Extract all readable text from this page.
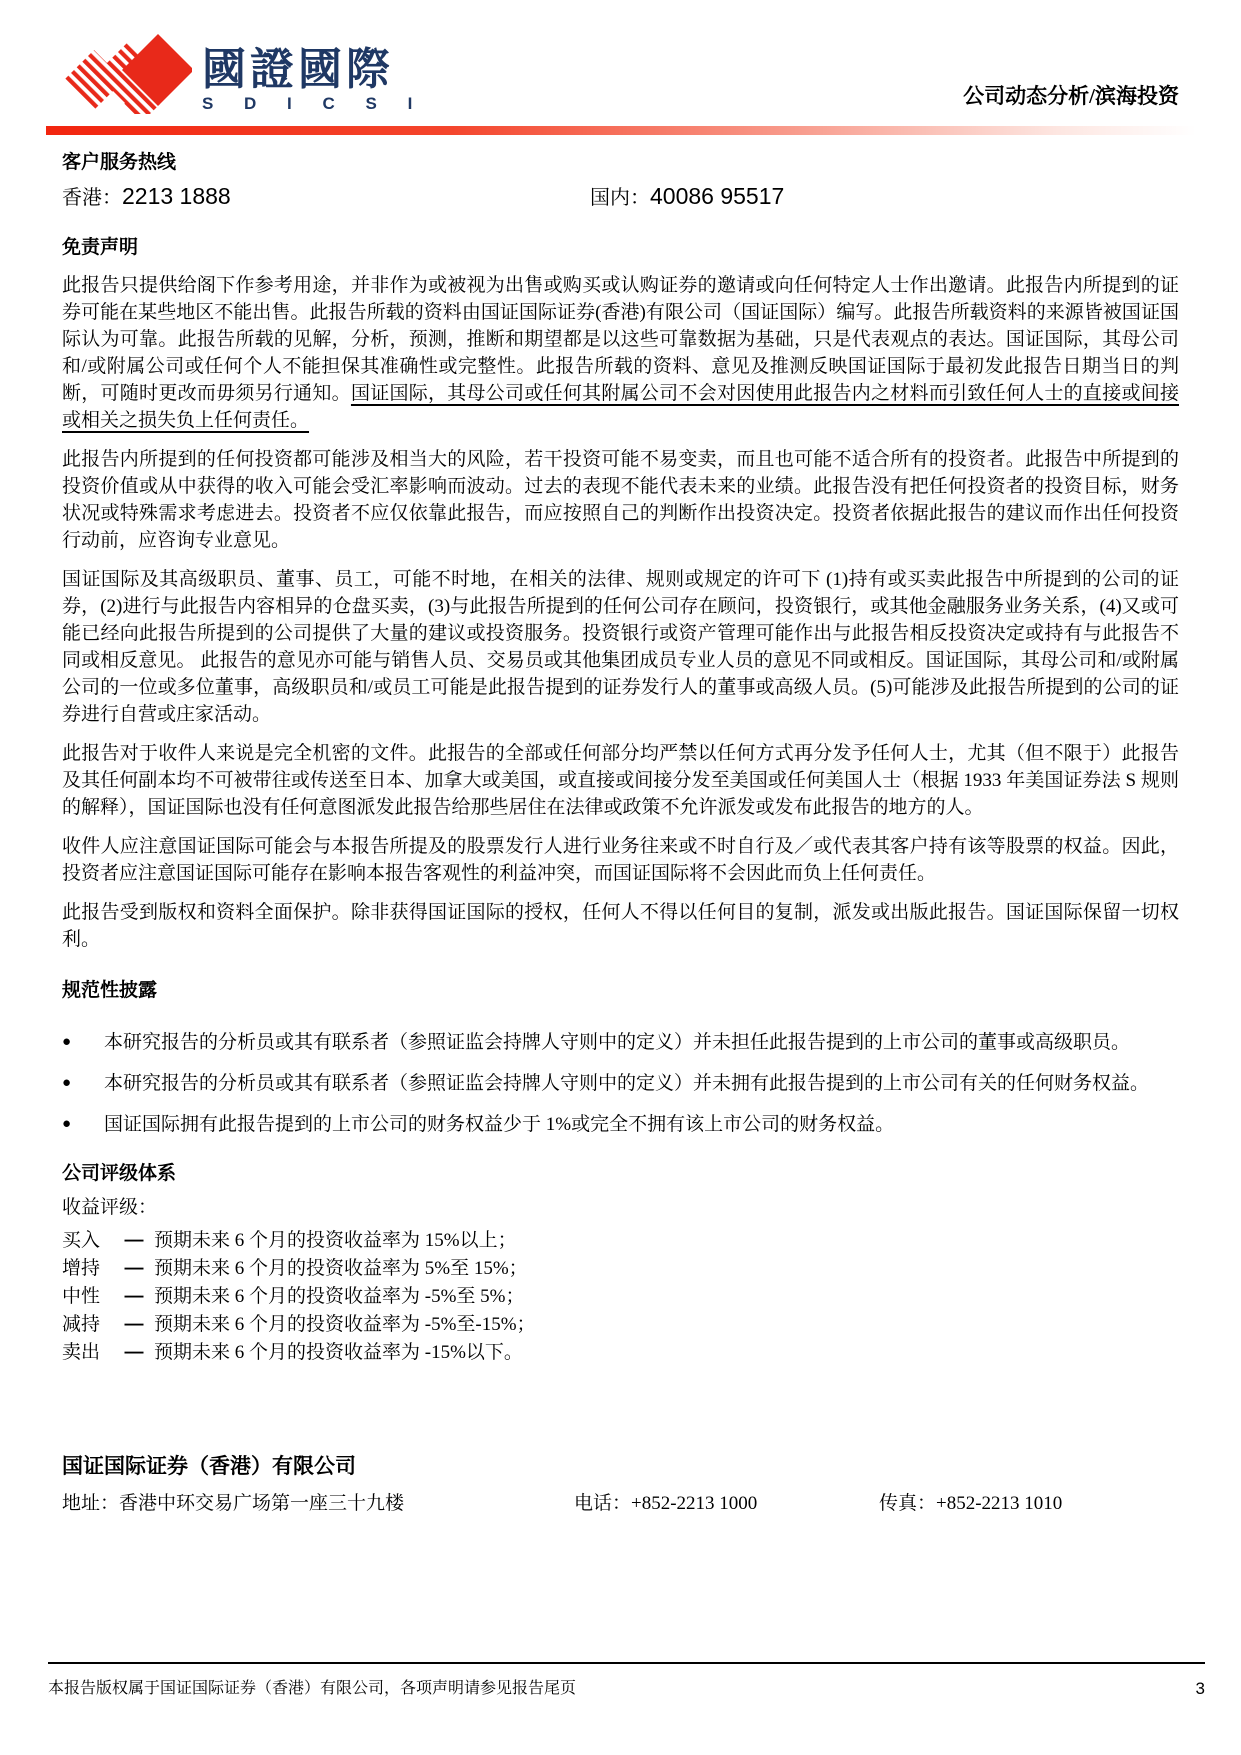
國證國際
S D I C S I	公司动态分析/滨海投资
客户服务热线
香港：2213 1888	国内：40086 95517
免责声明

此报告只提供给阁下作参考用途，并非作为或被视为出售或购买或认购证券的邀请或向任何特定人士作出邀请。此报告内所提到的证券可能在某些地区不能出售。此报告所载的资料由国证国际证券(香港)有限公司（国证国际）编写。此报告所载资料的来源皆被国证国际认为可靠。此报告所载的见解，分析，预测，推断和期望都是以这些可靠数据为基础，只是代表观点的表达。国证国际，其母公司和/或附属公司或任何个人不能担保其准确性或完整性。此报告所载的资料、意见及推测反映国证国际于最初发此报告日期当日的判断，可随时更改而毋须另行通知。国证国际，其母公司或任何其附属公司不会对因使用此报告内之材料而引致任何人士的直接或间接或相关之损失负上任何责任。

此报告内所提到的任何投资都可能涉及相当大的风险，若干投资可能不易变卖，而且也可能不适合所有的投资者。此报告中所提到的投资价值或从中获得的收入可能会受汇率影响而波动。过去的表现不能代表未来的业绩。此报告没有把任何投资者的投资目标，财务状况或特殊需求考虑进去。投资者不应仅依靠此报告，而应按照自己的判断作出投资决定。投资者依据此报告的建议而作出任何投资行动前，应咨询专业意见。

国证国际及其高级职员、董事、员工，可能不时地，在相关的法律、规则或规定的许可下 (1)持有或买卖此报告中所提到的公司的证券，(2)进行与此报告内容相异的仓盘买卖，(3)与此报告所提到的任何公司存在顾问，投资银行，或其他金融服务业务关系，(4)又或可能已经向此报告所提到的公司提供了大量的建议或投资服务。投资银行或资产管理可能作出与此报告相反投资决定或持有与此报告不同或相反意见。 此报告的意见亦可能与销售人员、交易员或其他集团成员专业人员的意见不同或相反。国证国际，其母公司和/或附属公司的一位或多位董事，高级职员和/或员工可能是此报告提到的证券发行人的董事或高级人员。(5)可能涉及此报告所提到的公司的证券进行自营或庄家活动。

此报告对于收件人来说是完全机密的文件。此报告的全部或任何部分均严禁以任何方式再分发予任何人士，尤其（但不限于）此报告及其任何副本均不可被带往或传送至日本、加拿大或美国，或直接或间接分发至美国或任何美国人士（根据 1933 年美国证券法 S 规则的解释），国证国际也没有任何意图派发此报告给那些居住在法律或政策不允许派发或发布此报告的地方的人。

收件人应注意国证国际可能会与本报告所提及的股票发行人进行业务往来或不时自行及／或代表其客户持有该等股票的权益。因此，投资者应注意国证国际可能存在影响本报告客观性的利益冲突，而国证国际将不会因此而负上任何责任。

此报告受到版权和资料全面保护。除非获得国证国际的授权，任何人不得以任何目的复制，派发或出版此报告。国证国际保留一切权利。

规范性披露
●	本研究报告的分析员或其有联系者（参照证监会持牌人守则中的定义）并未担任此报告提到的上市公司的董事或高级职员。
●	本研究报告的分析员或其有联系者（参照证监会持牌人守则中的定义）并未拥有此报告提到的上市公司有关的任何财务权益。
●	国证国际拥有此报告提到的上市公司的财务权益少于 1%或完全不拥有该上市公司的财务权益。
公司评级体系
收益评级：
买入	— 预期未来 6 个月的投资收益率为 15%以上；
增持	— 预期未来 6 个月的投资收益率为 5%至 15%；
中性	— 预期未来 6 个月的投资收益率为 -5%至 5%；
减持	— 预期未来 6 个月的投资收益率为 -5%至-15%；
卖出	— 预期未来 6 个月的投资收益率为 -15%以下。
国证国际证券（香港）有限公司
地址：香港中环交易广场第一座三十九楼	电话：+852-2213 1000	传真：+852-2213 1010
本报告版权属于国证国际证券（香港）有限公司，各项声明请参见报告尾页	3
